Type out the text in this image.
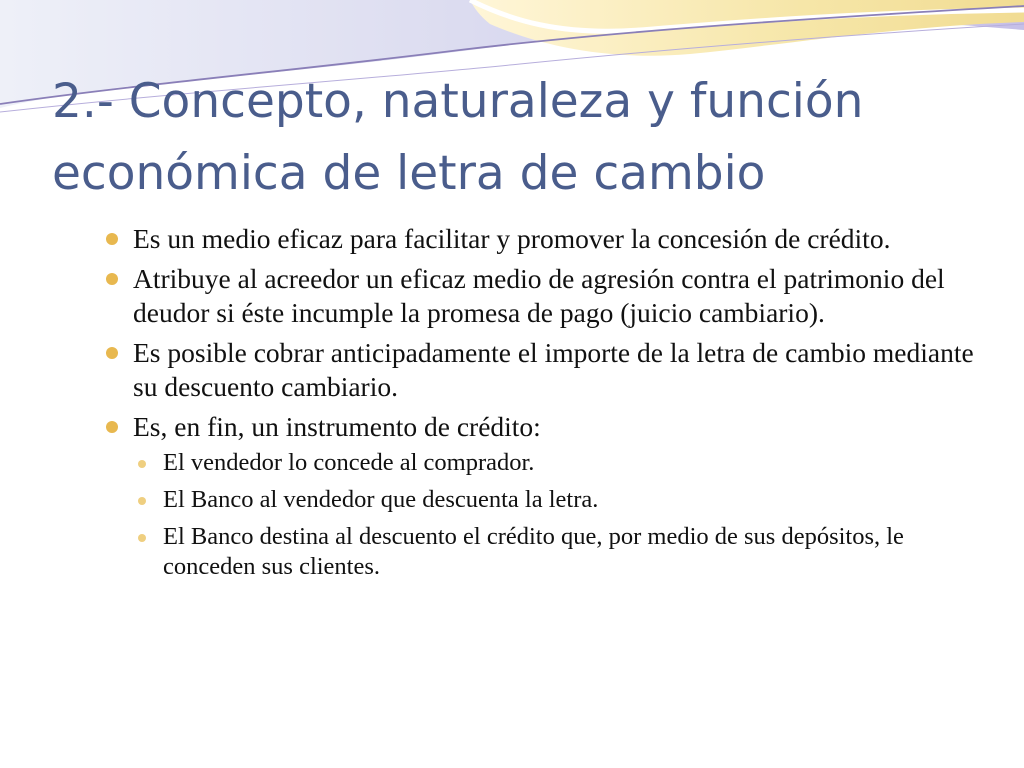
2.- Concepto, naturaleza y función económica de letra de cambio
Es un medio eficaz para facilitar y promover la concesión de crédito.
Atribuye al acreedor un eficaz medio de agresión contra el patrimonio del deudor si éste incumple la promesa de pago (juicio cambiario).
Es posible cobrar anticipadamente el importe de la letra de cambio mediante su descuento cambiario.
Es, en fin, un instrumento de crédito:
El vendedor lo concede al comprador.
El Banco al vendedor que descuenta la letra.
El Banco destina al descuento el crédito que, por medio de sus depósitos, le conceden sus clientes.
